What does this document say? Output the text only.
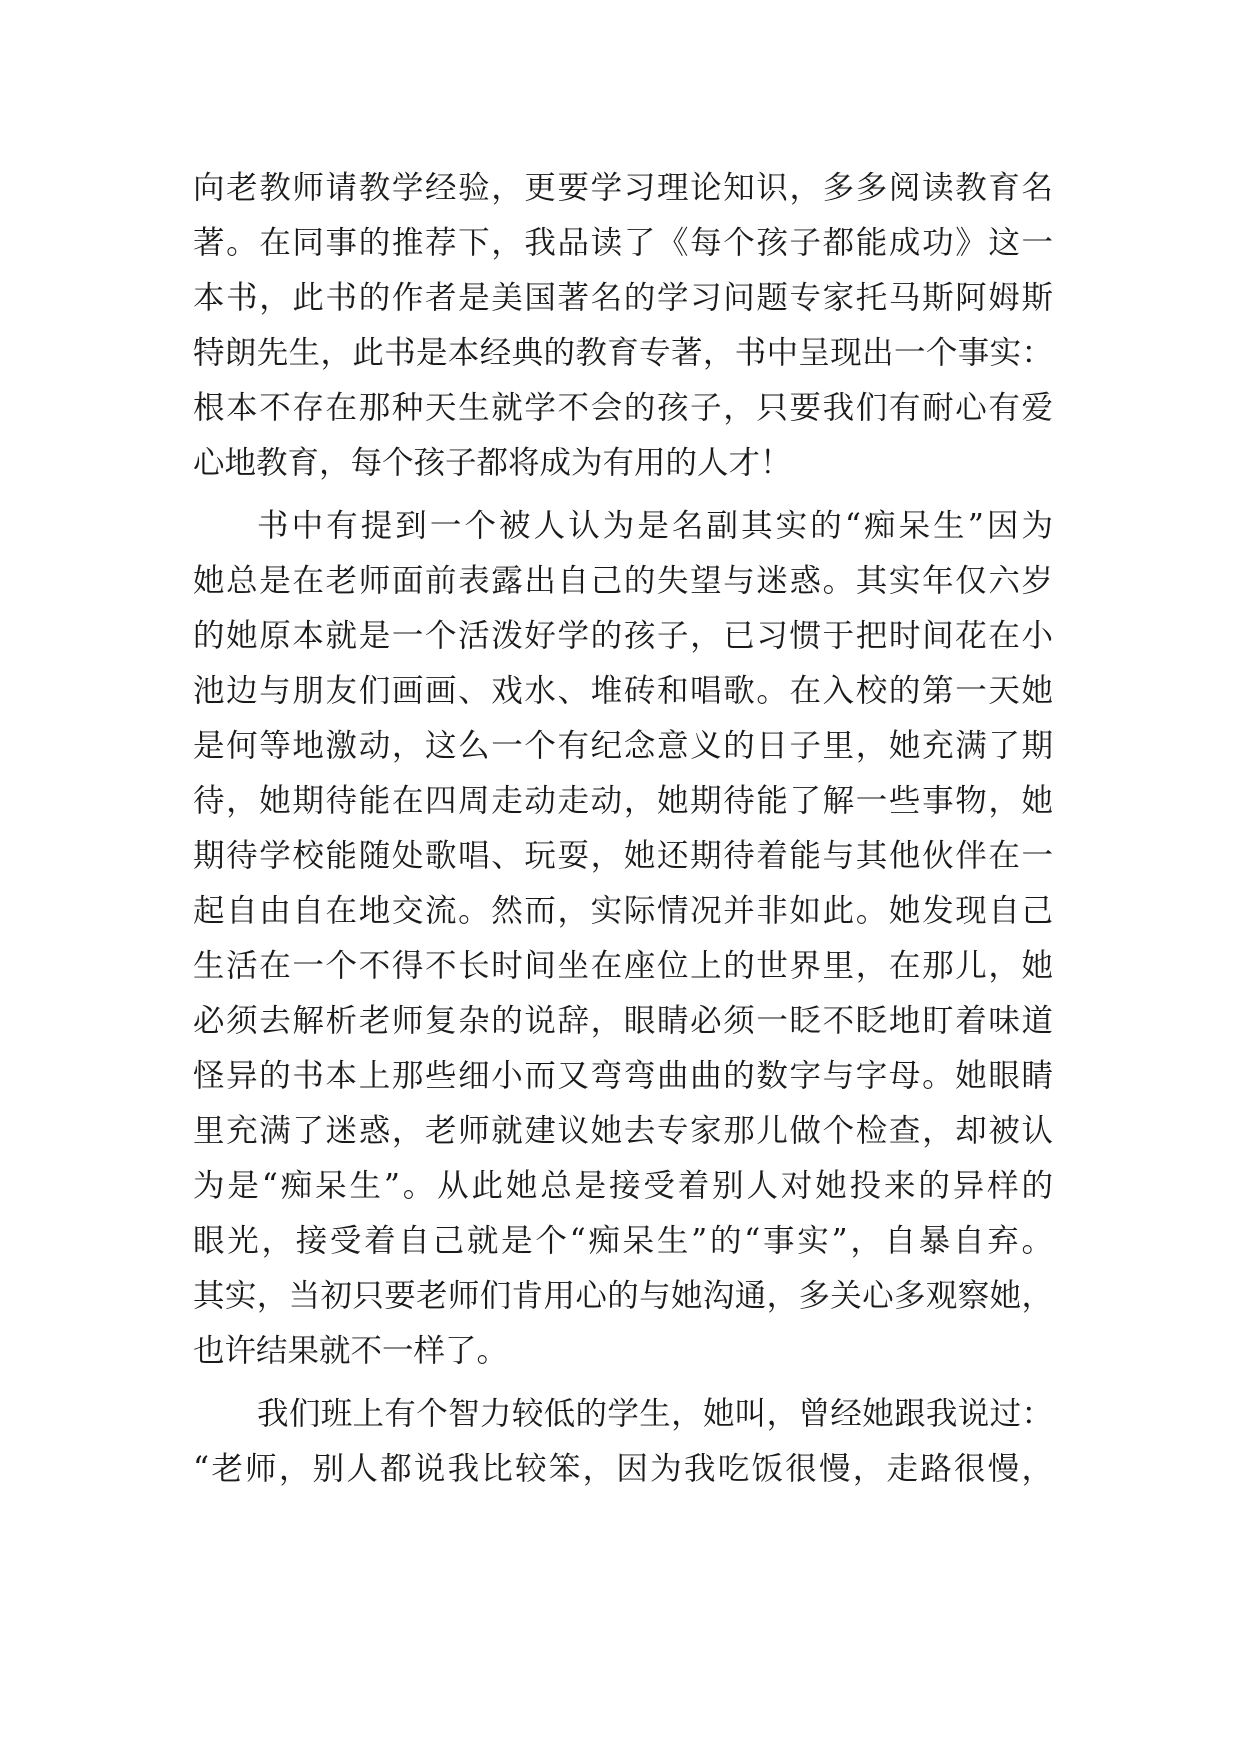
向老教师请教学经验，更要学习理论知识，多多阅读教育名
著。在同事的推荐下，我品读了《每个孩子都能成功》这一
本书，此书的作者是美国著名的学习问题专家托马斯阿姆斯
特朗先生，此书是本经典的教育专著，书中呈现出一个事实：
根本不存在那种天生就学不会的孩子，只要我们有耐心有爱
心地教育，每个孩子都将成为有用的人才！
书中有提到一个被人认为是名副其实的“痴呆生”因为
她总是在老师面前表露出自己的失望与迷惑。其实年仅六岁
的她原本就是一个活泼好学的孩子，已习惯于把时间花在小
池边与朋友们画画、戏水、堆砖和唱歌。在入校的第一天她
是何等地激动，这么一个有纪念意义的日子里，她充满了期
待，她期待能在四周走动走动，她期待能了解一些事物，她
期待学校能随处歌唱、玩耍，她还期待着能与其他伙伴在一
起自由自在地交流。然而，实际情况并非如此。她发现自己
生活在一个不得不长时间坐在座位上的世界里，在那儿，她
必须去解析老师复杂的说辞，眼睛必须一眨不眨地盯着味道
怪异的书本上那些细小而又弯弯曲曲的数字与字母。她眼睛
里充满了迷惑，老师就建议她去专家那儿做个检查，却被认
为是“痴呆生”。从此她总是接受着别人对她投来的异样的
眼光，接受着自己就是个“痴呆生”的“事实”，自暴自弃。
其实，当初只要老师们肯用心的与她沟通，多关心多观察她，
也许结果就不一样了。
我们班上有个智力较低的学生，她叫，曾经她跟我说过：
“老师，别人都说我比较笨，因为我吃饭很慢，走路很慢，
